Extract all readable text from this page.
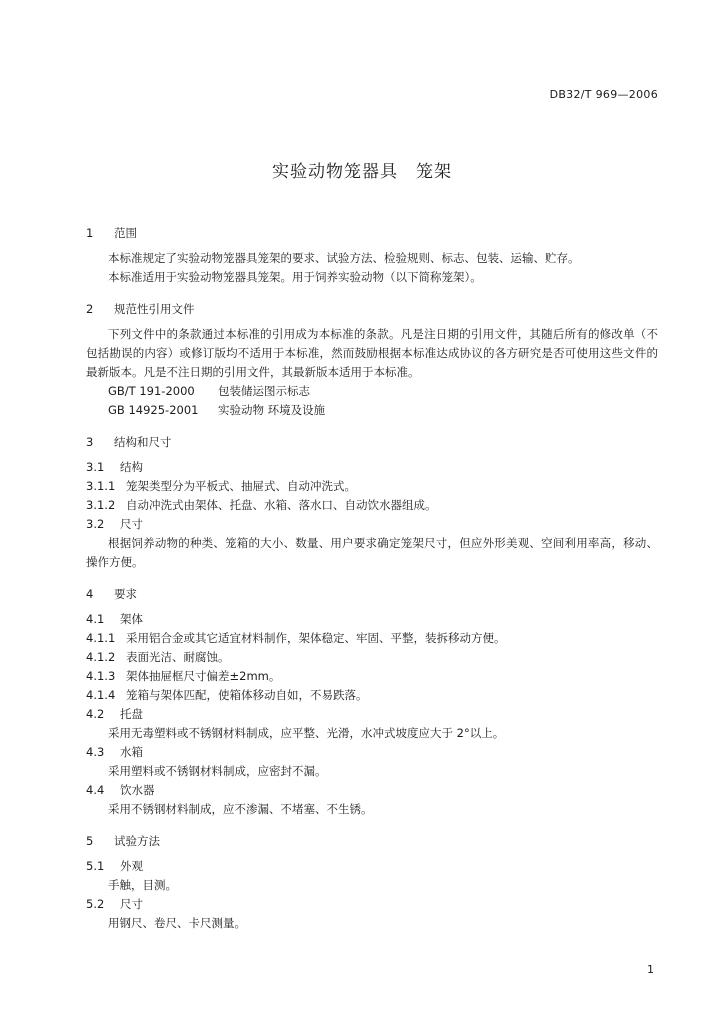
DB32/T 969—2006
实验动物笼器具　笼架
1 范围
本标准规定了实验动物笼器具笼架的要求、试验方法、检验规则、标志、包装、运输、贮存。
本标准适用于实验动物笼器具笼架。用于饲养实验动物（以下简称笼架）。
2 规范性引用文件
下列文件中的条款通过本标准的引用成为本标准的条款。凡是注日期的引用文件，其随后所有的修改单（不包括勘误的内容）或修订版均不适用于本标准，然而鼓励根据本标准达成协议的各方研究是否可使用这些文件的最新版本。凡是不注日期的引用文件，其最新版本适用于本标准。
GB/T 191-2000 包装储运图示标志
GB 14925-2001 实验动物 环境及设施
3 结构和尺寸
3.1 结构
3.1.1 笼架类型分为平板式、抽屉式、自动冲洗式。
3.1.2 自动冲洗式由架体、托盘、水箱、落水口、自动饮水器组成。
3.2 尺寸
根据饲养动物的种类、笼箱的大小、数量、用户要求确定笼架尺寸，但应外形美观、空间利用率高，移动、操作方便。
4 要求
4.1 架体
4.1.1 采用铝合金或其它适宜材料制作，架体稳定、牢固、平整，装拆移动方便。
4.1.2 表面光洁、耐腐蚀。
4.1.3 架体抽屉框尺寸偏差±2mm。
4.1.4 笼箱与架体匹配，使箱体移动自如，不易跌落。
4.2 托盘
采用无毒塑料或不锈钢材料制成，应平整、光滑，水冲式坡度应大于 2°以上。
4.3 水箱
采用塑料或不锈钢材料制成，应密封不漏。
4.4 饮水器
采用不锈钢材料制成，应不渗漏、不堵塞、不生锈。
5 试验方法
5.1 外观
手触，目测。
5.2 尺寸
用钢尺、卷尺、卡尺测量。
1
